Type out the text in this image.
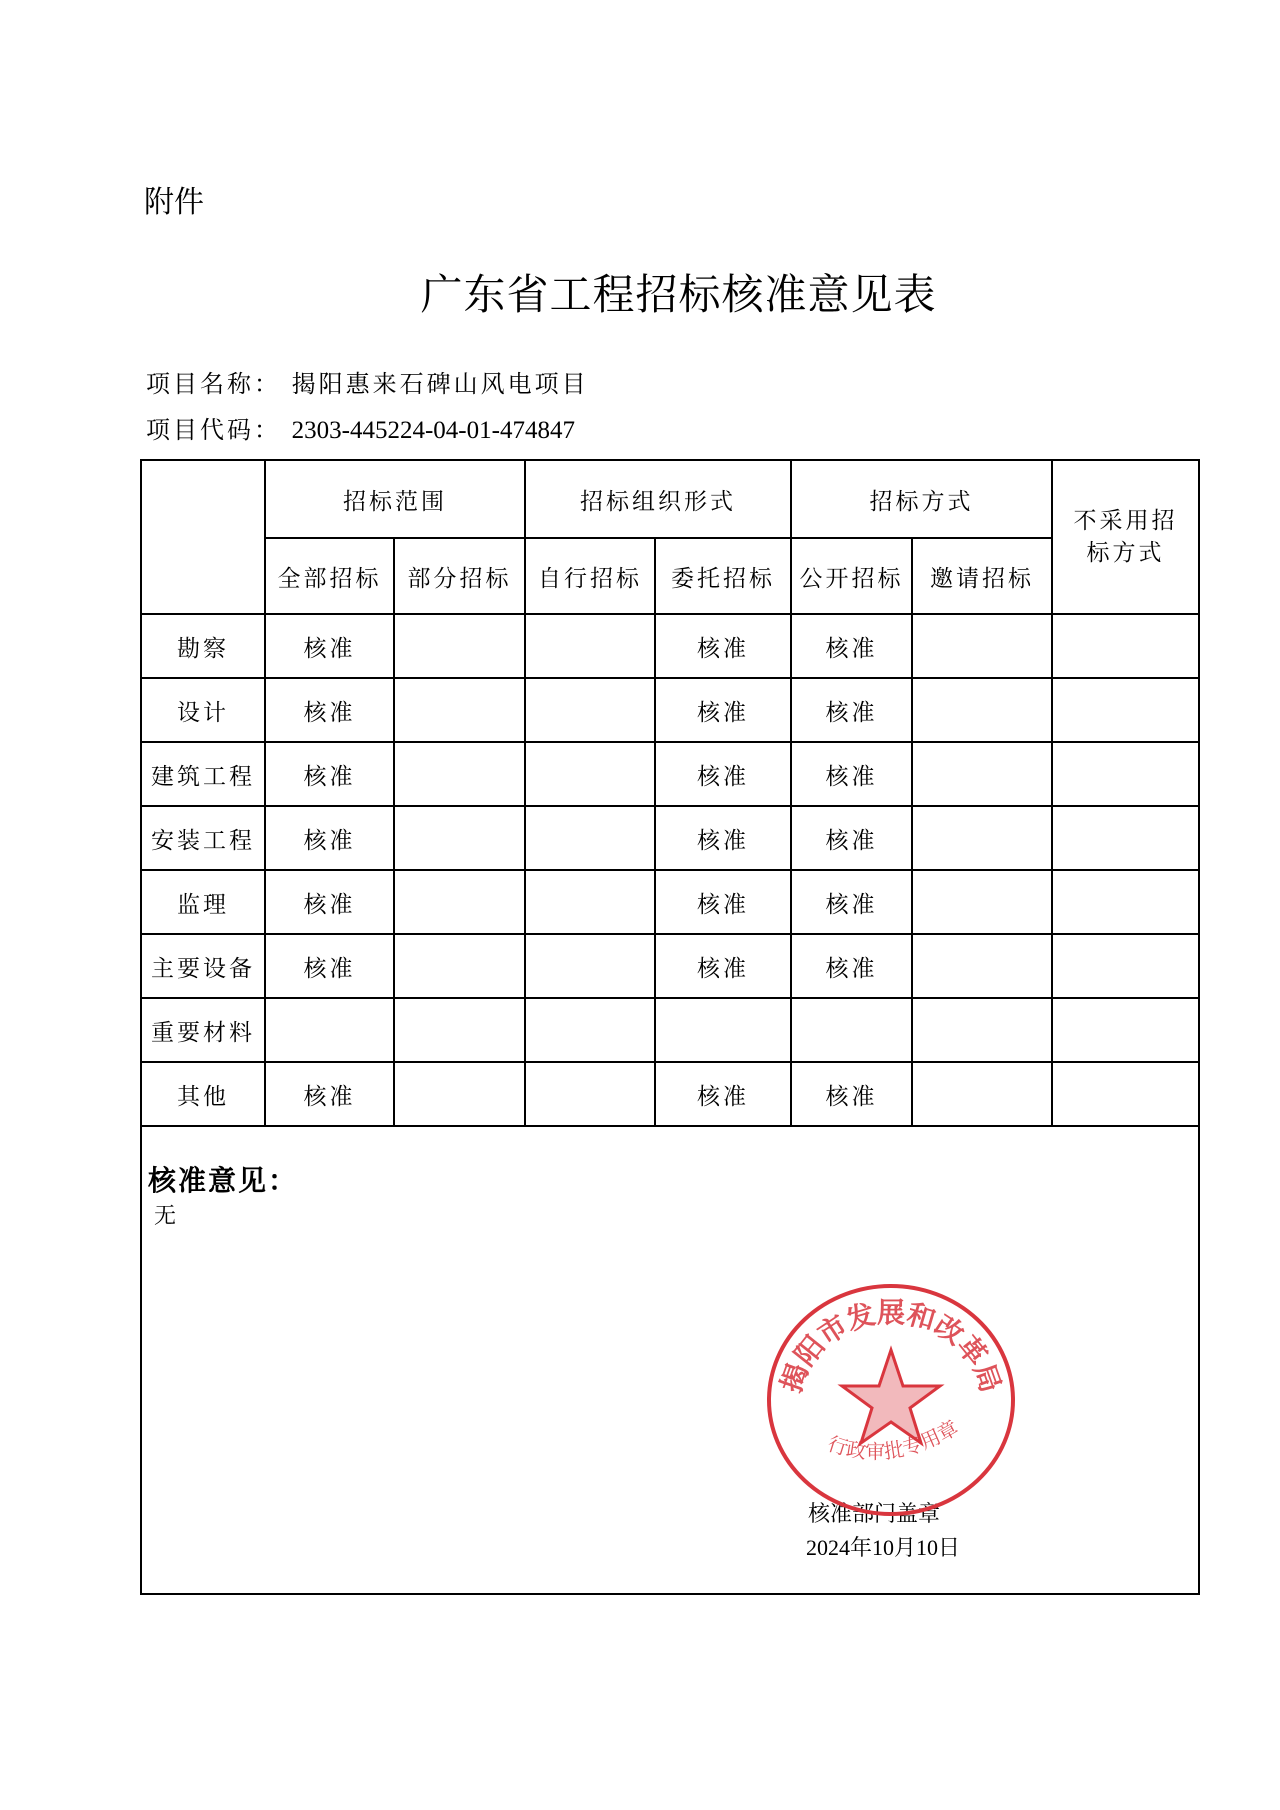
附件
广东省工程招标核准意见表
项目名称： 揭阳惠来石碑山风电项目
项目代码： 2303-445224-04-01-474847
	招标范围		招标组织形式		招标方式		不采用招标方式
	全部招标	部分招标	自行招标	委托招标	公开招标	邀请招标	
勘察	核准			核准	核准		
设计	核准			核准	核准		
建筑工程	核准			核准	核准		
安装工程	核准			核准	核准		
监理	核准			核准	核准		
主要设备	核准			核准	核准		
重要材料							
其他	核准			核准	核准		

核准意见：
无
核准部门盖章
2024年10月10日							
揭阳市发展和改革局
行政审批专用章
